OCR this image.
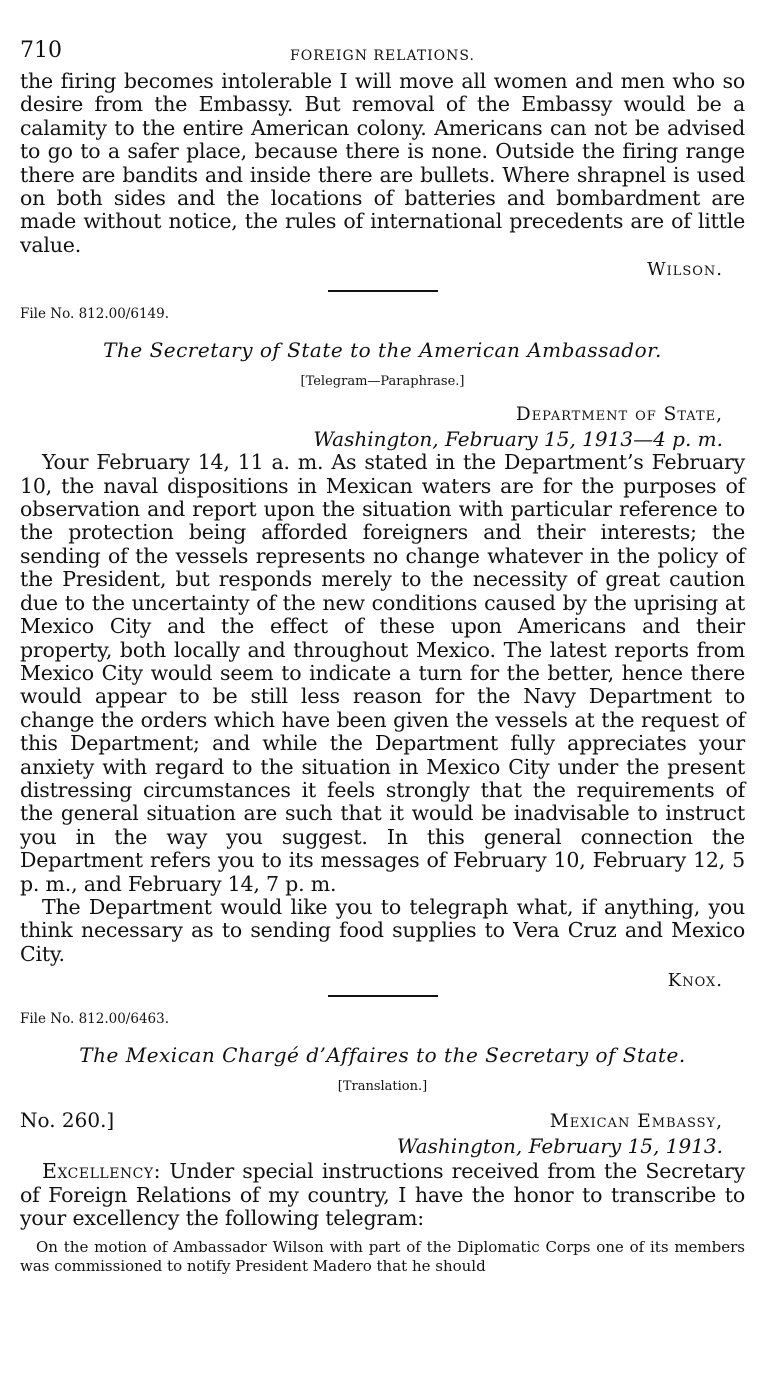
710	FOREIGN RELATIONS.

the firing becomes intolerable I will move all women and men who so desire from the Embassy. But removal of the Embassy would be a calamity to the entire American colony. Americans can not be advised to go to a safer place, because there is none. Outside the firing range there are bandits and inside there are bullets. Where shrapnel is used on both sides and the locations of batteries and bombardment are made without notice, the rules of international precedents are of little value.

Wilson.

File No. 812.00/6149.

The Secretary of State to the American Ambassador.

[Telegram—Paraphrase.]

Department of State,

Washington, February 15, 1913—4 p. m.

Your February 14, 11 a. m. As stated in the Department’s February 10, the naval dispositions in Mexican waters are for the purposes of observation and report upon the situation with particular reference to the protection being afforded foreigners and their interests; the sending of the vessels represents no change whatever in the policy of the President, but responds merely to the necessity of great caution due to the uncertainty of the new conditions caused by the uprising at Mexico City and the effect of these upon Americans and their property, both locally and throughout Mexico. The latest reports from Mexico City would seem to indicate a turn for the better, hence there would appear to be still less reason for the Navy Department to change the orders which have been given the vessels at the request of this Department; and while the Department fully appreciates your anxiety with regard to the situation in Mexico City under the present distressing circumstances it feels strongly that the requirements of the general situation are such that it would be inadvisable to instruct you in the way you suggest. In this general connection the Department refers you to its messages of February 10, February 12, 5 p. m., and February 14, 7 p. m.

The Department would like you to telegraph what, if anything, you think necessary as to sending food supplies to Vera Cruz and Mexico City.

Knox.

File No. 812.00/6463.

The Mexican Chargé d’Affaires to the Secretary of State.

[Translation.]

No. 260.]	Mexican Embassy,

Washington, February 15, 1913.

Excellency: Under special instructions received from the Secretary of Foreign Relations of my country, I have the honor to transcribe to your excellency the following telegram:

On the motion of Ambassador Wilson with part of the Diplomatic Corps one of its members was commissioned to notify President Madero that he should
